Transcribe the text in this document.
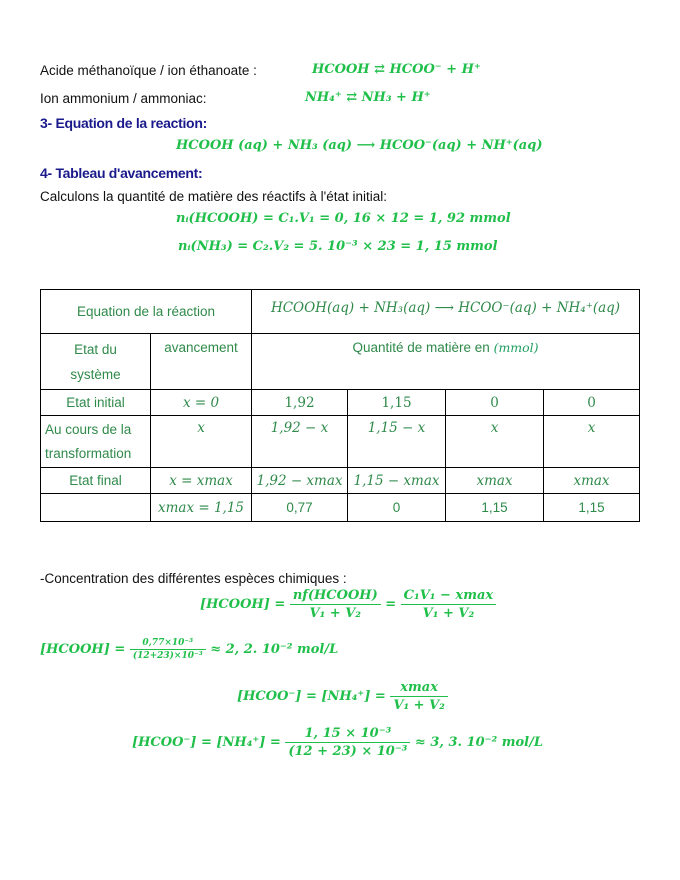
Acide méthanoïque / ion éthanoate :	HCOOH ⇄ HCOO⁻ + H⁺
Ion ammonium / ammoniac:	NH₄⁺ ⇄ NH₃ + H⁺
3- Equation de la reaction:
HCOOH (aq) + NH₃ (aq) ⟶ HCOO⁻(aq) + NH⁺(aq)
4- Tableau d'avancement:
Calculons la quantité de matière des réactifs à l'état initial:
nᵢ(HCOOH) = C₁.V₁ = 0, 16 × 12 = 1, 92 mmol
nᵢ(NH₃) = C₂.V₂ = 5. 10⁻³ × 23 = 1, 15 mmol
Equation de la réaction		HCOOH(aq) + NH₃(aq) ⟶ HCOO⁻(aq) + NH₄⁺(aq)			
Etat du
système	avancement	Quantité de matière en (mmol)			
Etat initial	x = 0	1,92	1,15	0	0
Au cours de la transformation	x	1,92 − x	1,15 − x	x	x
Etat final	x = xmax	1,92 − xmax	1,15 − xmax	xmax	xmax
	xmax = 1,15	0,77	0	1,15	1,15
-Concentration des différentes espèces chimiques :
[HCOOH] = $\frac{\text{nf(HCOOH)}}{\text{V₁ + V₂}} = \frac{\text{C₁V₁ − xmax}}{\text{V₁ + V₂}}$
[HCOOH] = $\frac{\text{0,77×10⁻³}}{\text{(12+23)×10⁻³}} \approx 2$, 2. 10⁻² mol/L
[HCOO⁻] = $[NH_4^+] = \frac{xmax}{\text{V₁ + V₂}}$
[HCOO⁻] = $[NH_4^+] = \frac{\text{1, 15 × 10⁻³}}{\text{(12 + 23) × 10⁻³}} \approx 3$, 3. 10⁻² mol/L
